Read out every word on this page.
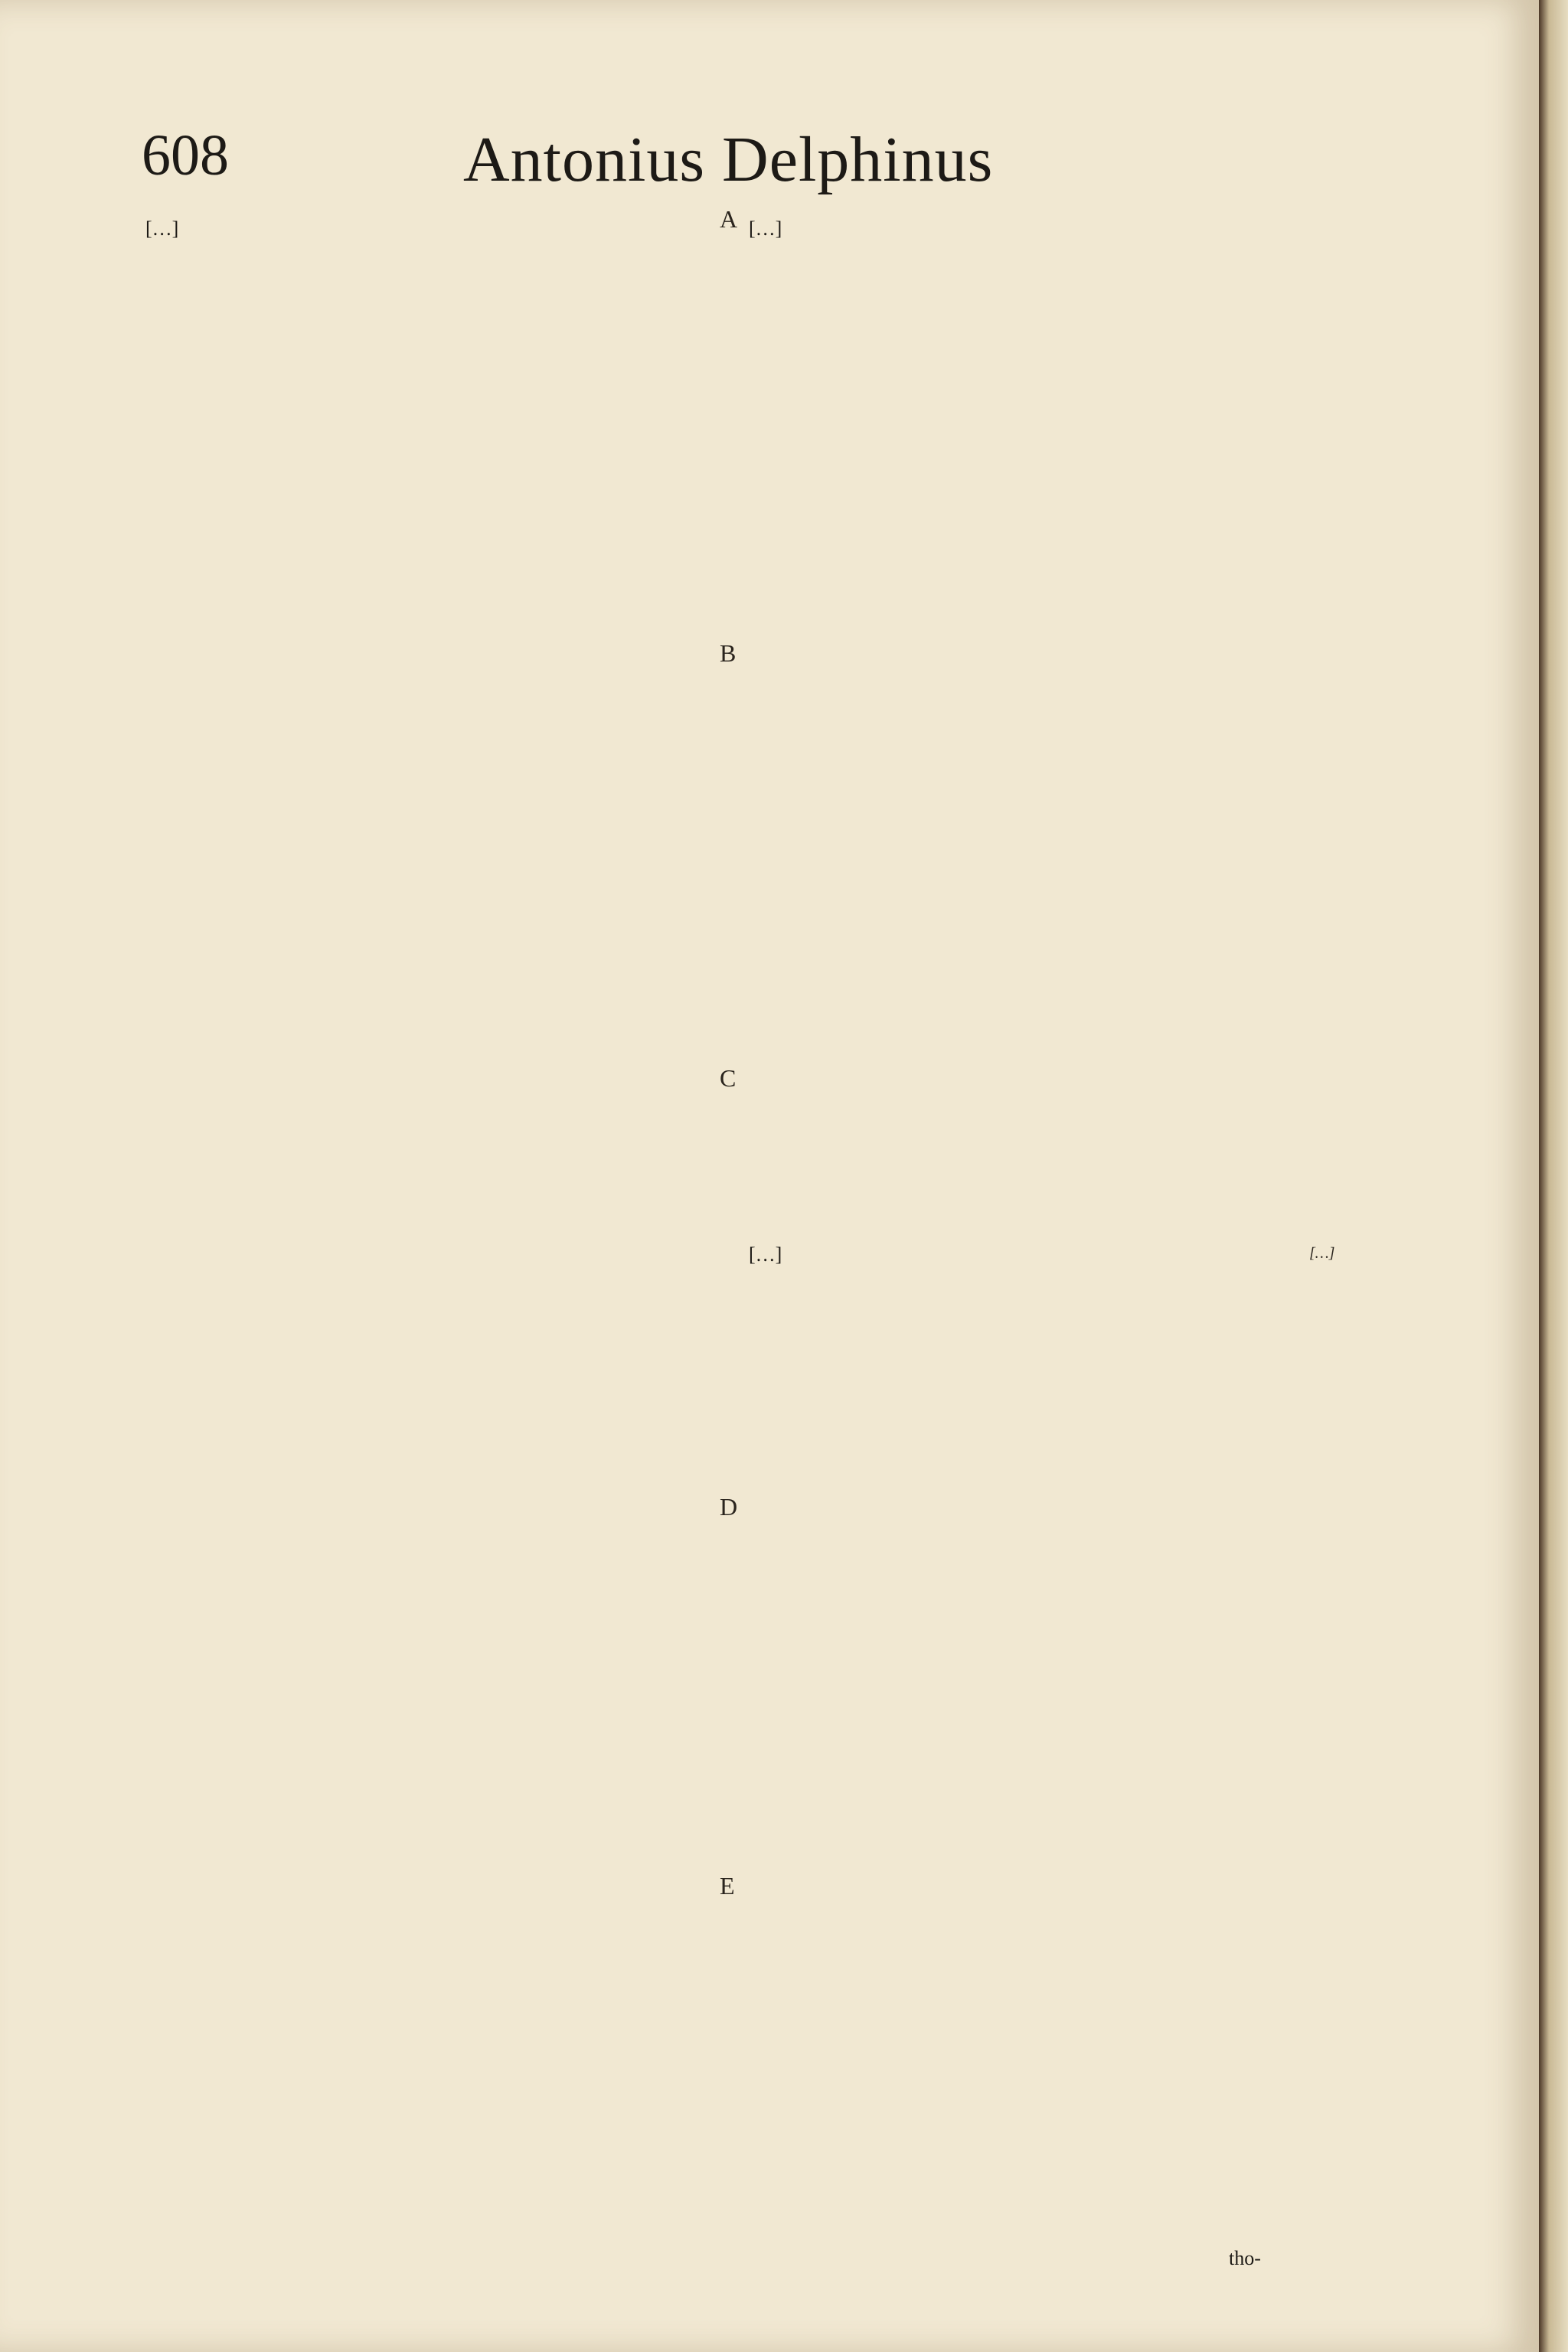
608	Antonius Delphinus
[…]	A
B
C
D
E
[…]
[…]	[…]
tho-
